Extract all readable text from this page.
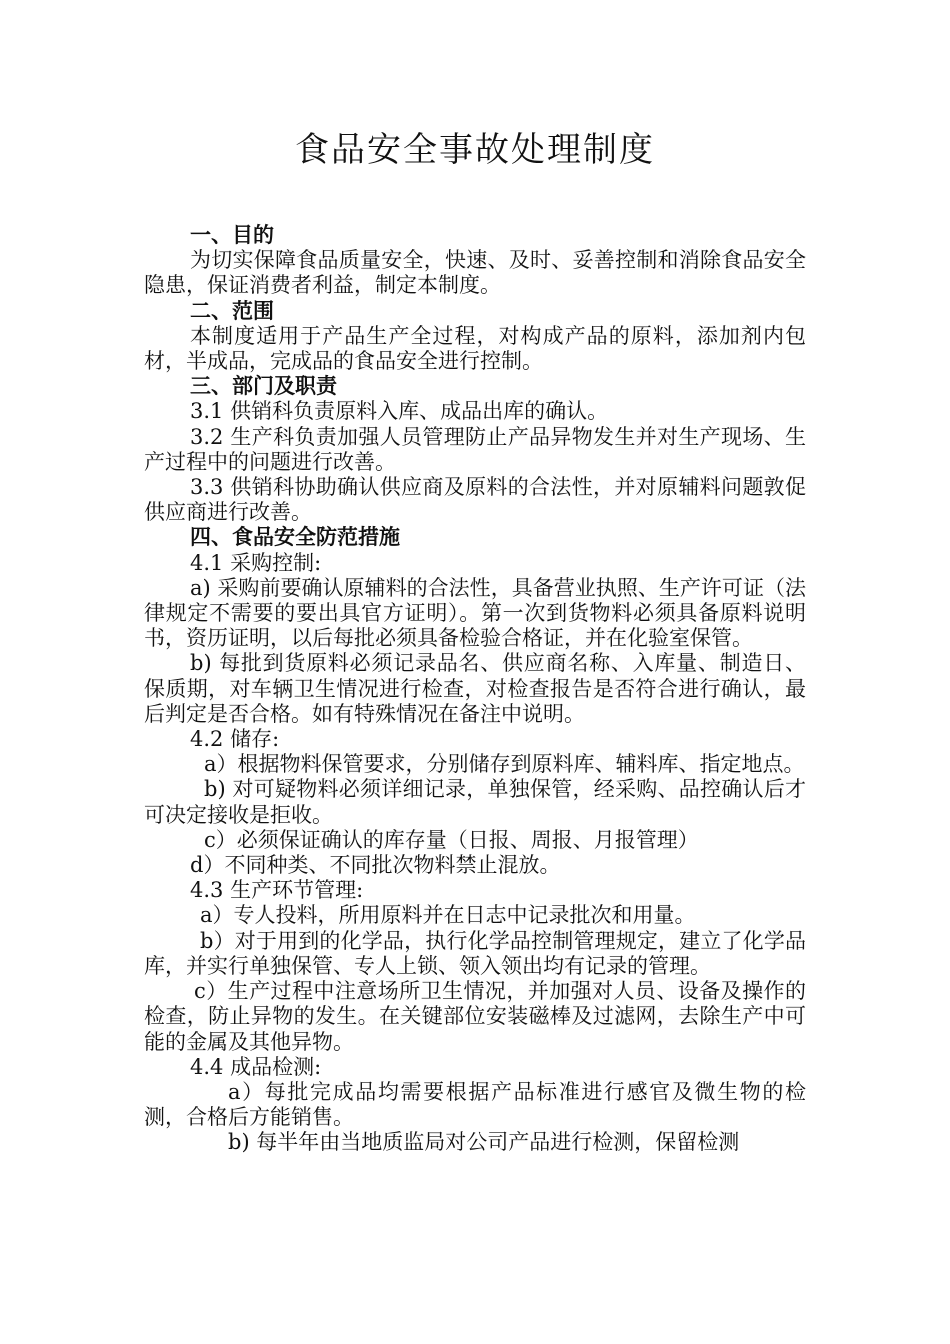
食品安全事故处理制度

一、目的

为切实保障食品质量安全，快速、及时、妥善控制和消除食品安全隐患，保证消费者利益，制定本制度。

二、范围

本制度适用于产品生产全过程，对构成产品的原料，添加剂内包材，半成品，完成品的食品安全进行控制。

三、部门及职责

3.1 供销科负责原料入库、成品出库的确认。

3.2 生产科负责加强人员管理防止产品异物发生并对生产现场、生产过程中的问题进行改善。

3.3 供销科协助确认供应商及原料的合法性，并对原辅料问题敦促供应商进行改善。

四、食品安全防范措施

4.1 采购控制:

a) 采购前要确认原辅料的合法性，具备营业执照、生产许可证（法律规定不需要的要出具官方证明）。第一次到货物料必须具备原料说明书，资历证明，以后每批必须具备检验合格证，并在化验室保管。

b) 每批到货原料必须记录品名、供应商名称、入库量、制造日、保质期，对车辆卫生情况进行检查，对检查报告是否符合进行确认，最后判定是否合格。如有特殊情况在备注中说明。

4.2 储存:

a）根据物料保管要求，分别储存到原料库、辅料库、指定地点。

b) 对可疑物料必须详细记录，单独保管，经采购、品控确认后才可决定接收是拒收。

c）必须保证确认的库存量（日报、周报、月报管理）

d）不同种类、不同批次物料禁止混放。

4.3 生产环节管理:

a）专人投料，所用原料并在日志中记录批次和用量。

b）对于用到的化学品，执行化学品控制管理规定，建立了化学品库，并实行单独保管、专人上锁、领入领出均有记录的管理。

c）生产过程中注意场所卫生情况，并加强对人员、设备及操作的检查，防止异物的发生。在关键部位安装磁棒及过滤网，去除生产中可能的金属及其他异物。

4.4 成品检测:

a）每批完成品均需要根据产品标准进行感官及微生物的检测，合格后方能销售。

b) 每半年由当地质监局对公司产品进行检测，保留检测
